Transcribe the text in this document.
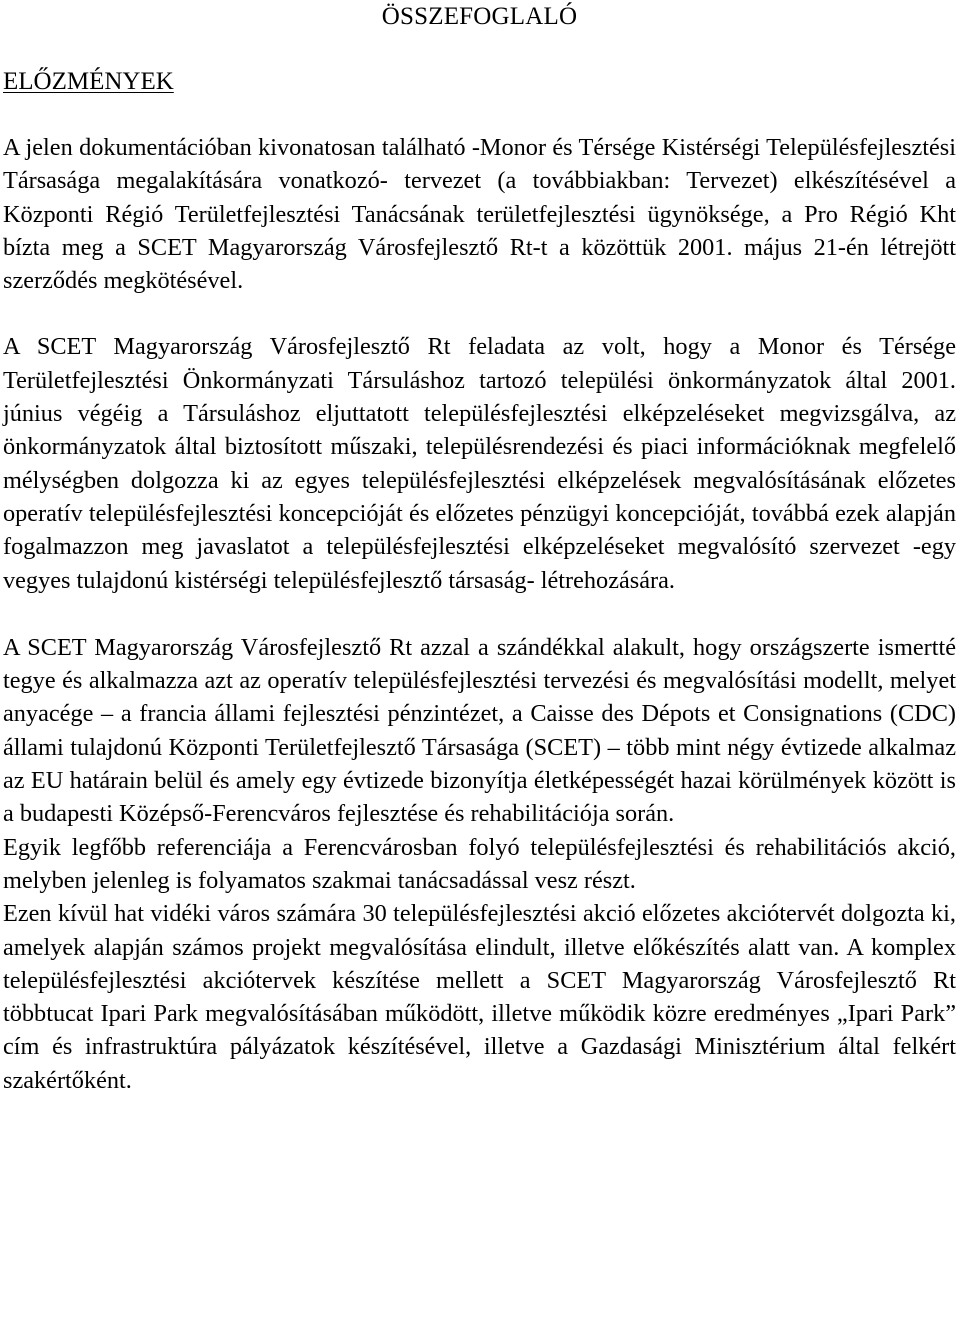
ÖSSZEFOGLALÓ
ELŐZMÉNYEK

A jelen dokumentációban kivonatosan található -Monor és Térsége Kistérségi Településfejlesztési Társasága megalakítására vonatkozó- tervezet (a továbbiakban: Tervezet) elkészítésével a Központi Régió Területfejlesztési Tanácsának területfejlesztési ügynöksége, a Pro Régió Kht bízta meg a SCET Magyarország Városfejlesztő Rt-t a közöttük 2001. május 21-én létrejött szerződés megkötésével.

A SCET Magyarország Városfejlesztő Rt feladata az volt, hogy a Monor és Térsége Területfejlesztési Önkormányzati Társuláshoz tartozó települési önkormányzatok által 2001. június végéig a Társuláshoz eljuttatott településfejlesztési elképzeléseket megvizsgálva, az önkormányzatok által biztosított műszaki, településrendezési és piaci információknak megfelelő mélységben dolgozza ki az egyes településfejlesztési elképzelések megvalósításának előzetes operatív településfejlesztési koncepcióját és előzetes pénzügyi koncepcióját, továbbá ezek alapján fogalmazzon meg javaslatot a településfejlesztési elképzeléseket megvalósító szervezet -egy vegyes tulajdonú kistérségi településfejlesztő társaság- létrehozására.

A SCET Magyarország Városfejlesztő Rt azzal a szándékkal alakult, hogy országszerte ismertté tegye és alkalmazza azt az operatív településfejlesztési tervezési és megvalósítási modellt, melyet anyacége – a francia állami fejlesztési pénzintézet, a Caisse des Dépots et Consignations (CDC) állami tulajdonú Központi Területfejlesztő Társasága (SCET) – több mint négy évtizede alkalmaz az EU határain belül és amely egy évtizede bizonyítja életképességét hazai körülmények között is a budapesti Középső-Ferencváros fejlesztése és rehabilitációja során.

Egyik legfőbb referenciája a Ferencvárosban folyó településfejlesztési és rehabilitációs akció, melyben jelenleg is folyamatos szakmai tanácsadással vesz részt.

Ezen kívül hat vidéki város számára 30 településfejlesztési akció előzetes akciótervét dolgozta ki, amelyek alapján számos projekt megvalósítása elindult, illetve előkészítés alatt van. A komplex településfejlesztési akciótervek készítése mellett a SCET Magyarország Városfejlesztő Rt többtucat Ipari Park megvalósításában működött, illetve működik közre eredményes „Ipari Park” cím és infrastruktúra pályázatok készítésével, illetve a Gazdasági Minisztérium által felkért szakértőként.
